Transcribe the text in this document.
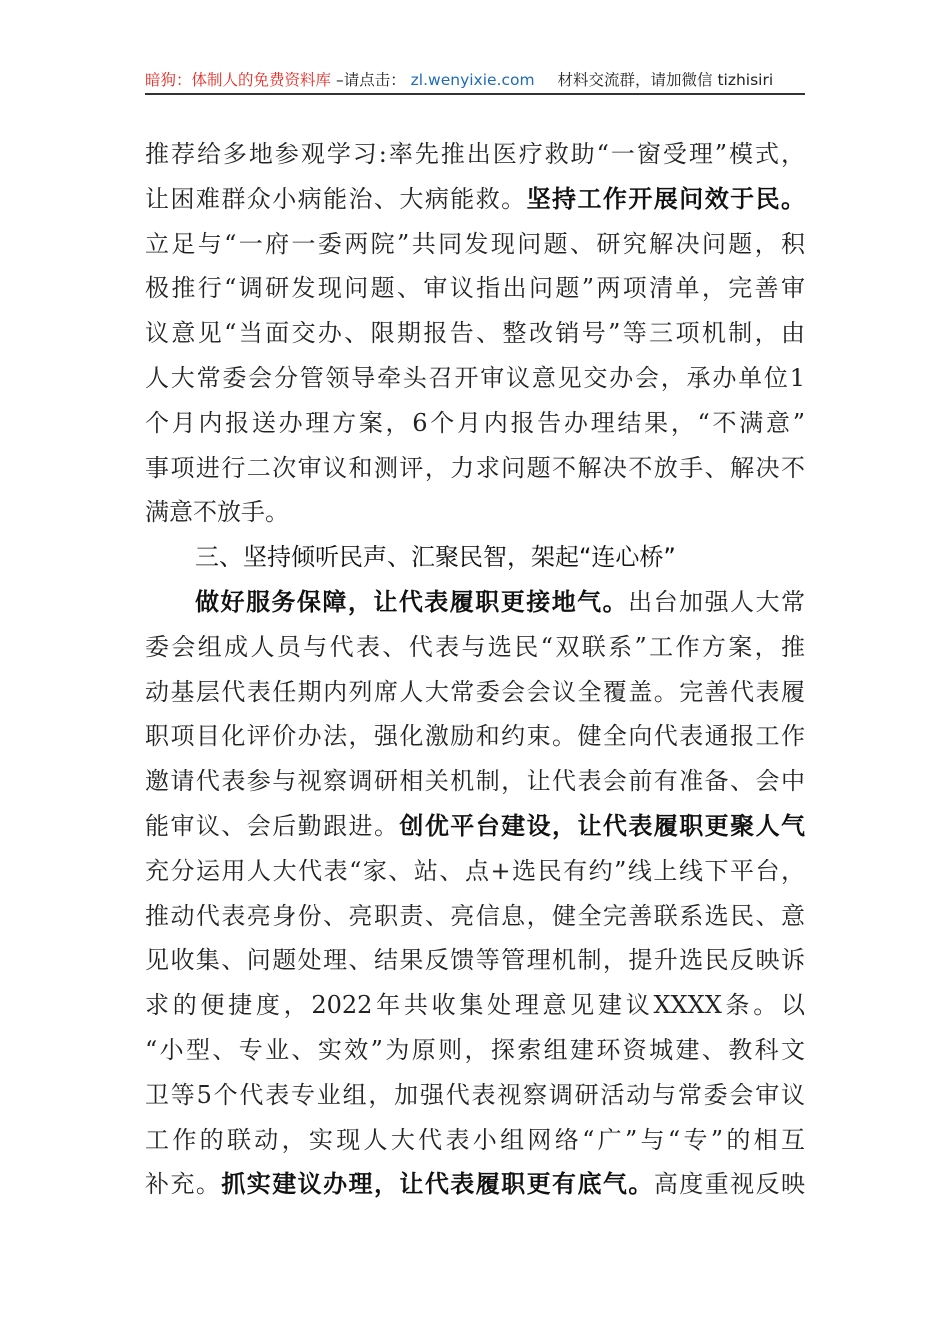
暗狗：体制人的免费资料库 –请点击： zl.wenyixie.com 材料交流群，请加微信 tizhisiri
推荐给多地参观学习:率先推出医疗救助“一窗受理”模式，
让困难群众小病能治、大病能救。坚持工作开展问效于民。
立足与“一府一委两院”共同发现问题、研究解决问题，积
极推行“调研发现问题、审议指出问题”两项清单，完善审
议意见“当面交办、限期报告、整改销号”等三项机制，由
人大常委会分管领导牵头召开审议意见交办会，承办单位1
个月内报送办理方案，6个月内报告办理结果，“不满意”
事项进行二次审议和测评，力求问题不解决不放手、解决不
满意不放手。
三、坚持倾听民声、汇聚民智，架起“连心桥”
做好服务保障，让代表履职更接地气。出台加强人大常
委会组成人员与代表、代表与选民“双联系”工作方案，推
动基层代表任期内列席人大常委会会议全覆盖。完善代表履
职项目化评价办法，强化激励和约束。健全向代表通报工作
邀请代表参与视察调研相关机制，让代表会前有准备、会中
能审议、会后勤跟进。创优平台建设，让代表履职更聚人气
充分运用人大代表“家、站、点+选民有约”线上线下平台，
推动代表亮身份、亮职责、亮信息，健全完善联系选民、意
见收集、问题处理、结果反馈等管理机制，提升选民反映诉
求的便捷度，2022年共收集处理意见建议XXXX条。以
“小型、专业、实效”为原则，探索组建环资城建、教科文
卫等5个代表专业组，加强代表视察调研活动与常委会审议
工作的联动，实现人大代表小组网络“广”与“专”的相互
补充。抓实建议办理，让代表履职更有底气。高度重视反映
